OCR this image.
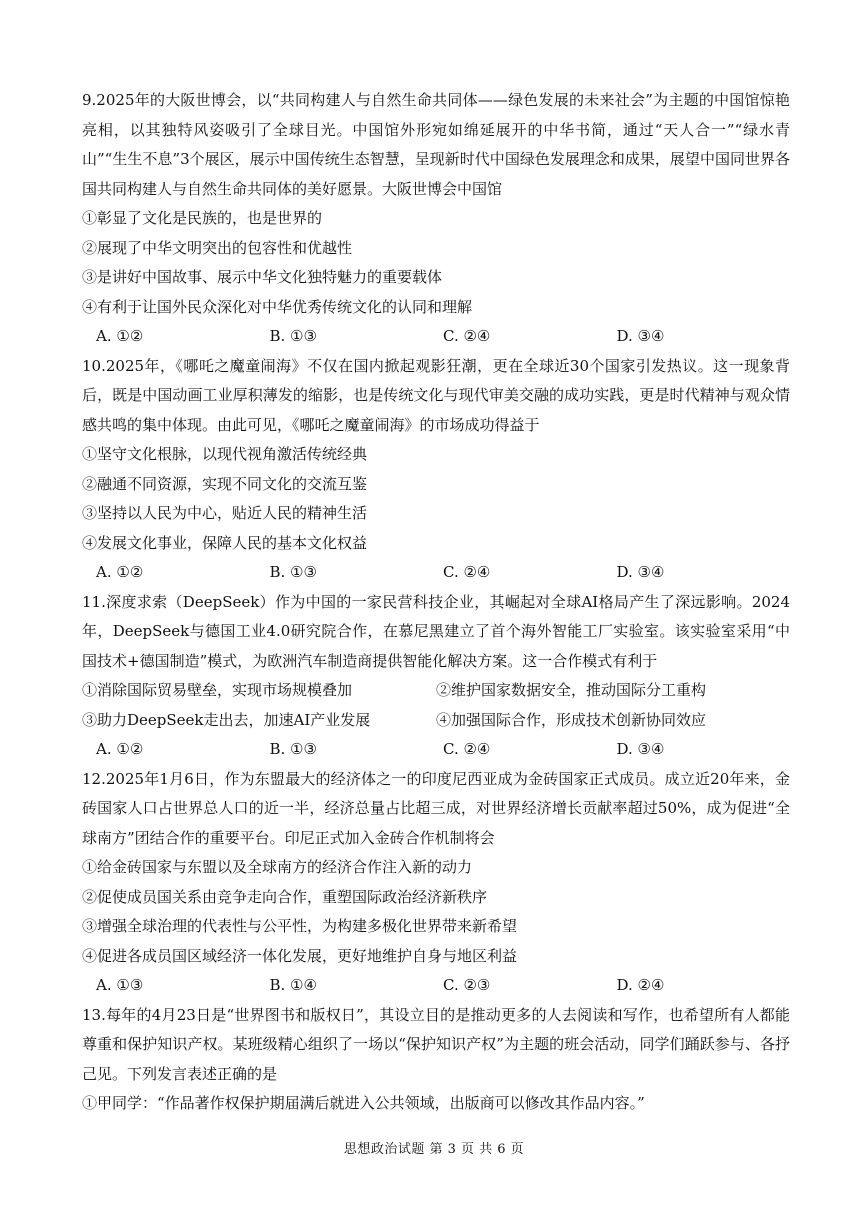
9.2025年的大阪世博会，以“共同构建人与自然生命共同体——绿色发展的未来社会”为主题的中国馆惊艳亮相，以其独特风姿吸引了全球目光。中国馆外形宛如绵延展开的中华书简，通过“天人合一”“绿水青山”“生生不息”3个展区，展示中国传统生态智慧，呈现新时代中国绿色发展理念和成果，展望中国同世界各国共同构建人与自然生命共同体的美好愿景。大阪世博会中国馆

①彰显了文化是民族的，也是世界的

②展现了中华文明突出的包容性和优越性

③是讲好中国故事、展示中华文化独特魅力的重要载体

④有利于让国外民众深化对中华优秀传统文化的认同和理解

A. ①②	B. ①③	C. ②④	D. ③④

10.2025年，《哪吒之魔童闹海》不仅在国内掀起观影狂潮，更在全球近30个国家引发热议。这一现象背后，既是中国动画工业厚积薄发的缩影，也是传统文化与现代审美交融的成功实践，更是时代精神与观众情感共鸣的集中体现。由此可见，《哪吒之魔童闹海》的市场成功得益于

①坚守文化根脉，以现代视角激活传统经典

②融通不同资源，实现不同文化的交流互鉴

③坚持以人民为中心，贴近人民的精神生活

④发展文化事业，保障人民的基本文化权益

A. ①②	B. ①③	C. ②④	D. ③④

11.深度求索（DeepSeek）作为中国的一家民营科技企业，其崛起对全球AI格局产生了深远影响。2024年，DeepSeek与德国工业4.0研究院合作，在慕尼黑建立了首个海外智能工厂实验室。该实验室采用“中国技术+德国制造”模式，为欧洲汽车制造商提供智能化解决方案。这一合作模式有利于

①消除国际贸易壁垒，实现市场规模叠加	②维护国家数据安全，推动国际分工重构
③助力DeepSeek走出去，加速AI产业发展	④加强国际合作，形成技术创新协同效应
A. ①②	B. ①③	C. ②④	D. ③④

12.2025年1月6日，作为东盟最大的经济体之一的印度尼西亚成为金砖国家正式成员。成立近20年来，金砖国家人口占世界总人口的近一半，经济总量占比超三成，对世界经济增长贡献率超过50%，成为促进“全球南方”团结合作的重要平台。印尼正式加入金砖合作机制将会

①给金砖国家与东盟以及全球南方的经济合作注入新的动力

②促使成员国关系由竞争走向合作，重塑国际政治经济新秩序

③增强全球治理的代表性与公平性，为构建多极化世界带来新希望

④促进各成员国区域经济一体化发展，更好地维护自身与地区利益

A. ①③	B. ①④	C. ②③	D. ②④

13.每年的4月23日是“世界图书和版权日”，其设立目的是推动更多的人去阅读和写作，也希望所有人都能尊重和保护知识产权。某班级精心组织了一场以“保护知识产权”为主题的班会活动，同学们踊跃参与、各抒己见。下列发言表述正确的是

①甲同学：“作品著作权保护期届满后就进入公共领域，出版商可以修改其作品内容。”

思想政治试题 第 3 页 共 6 页
